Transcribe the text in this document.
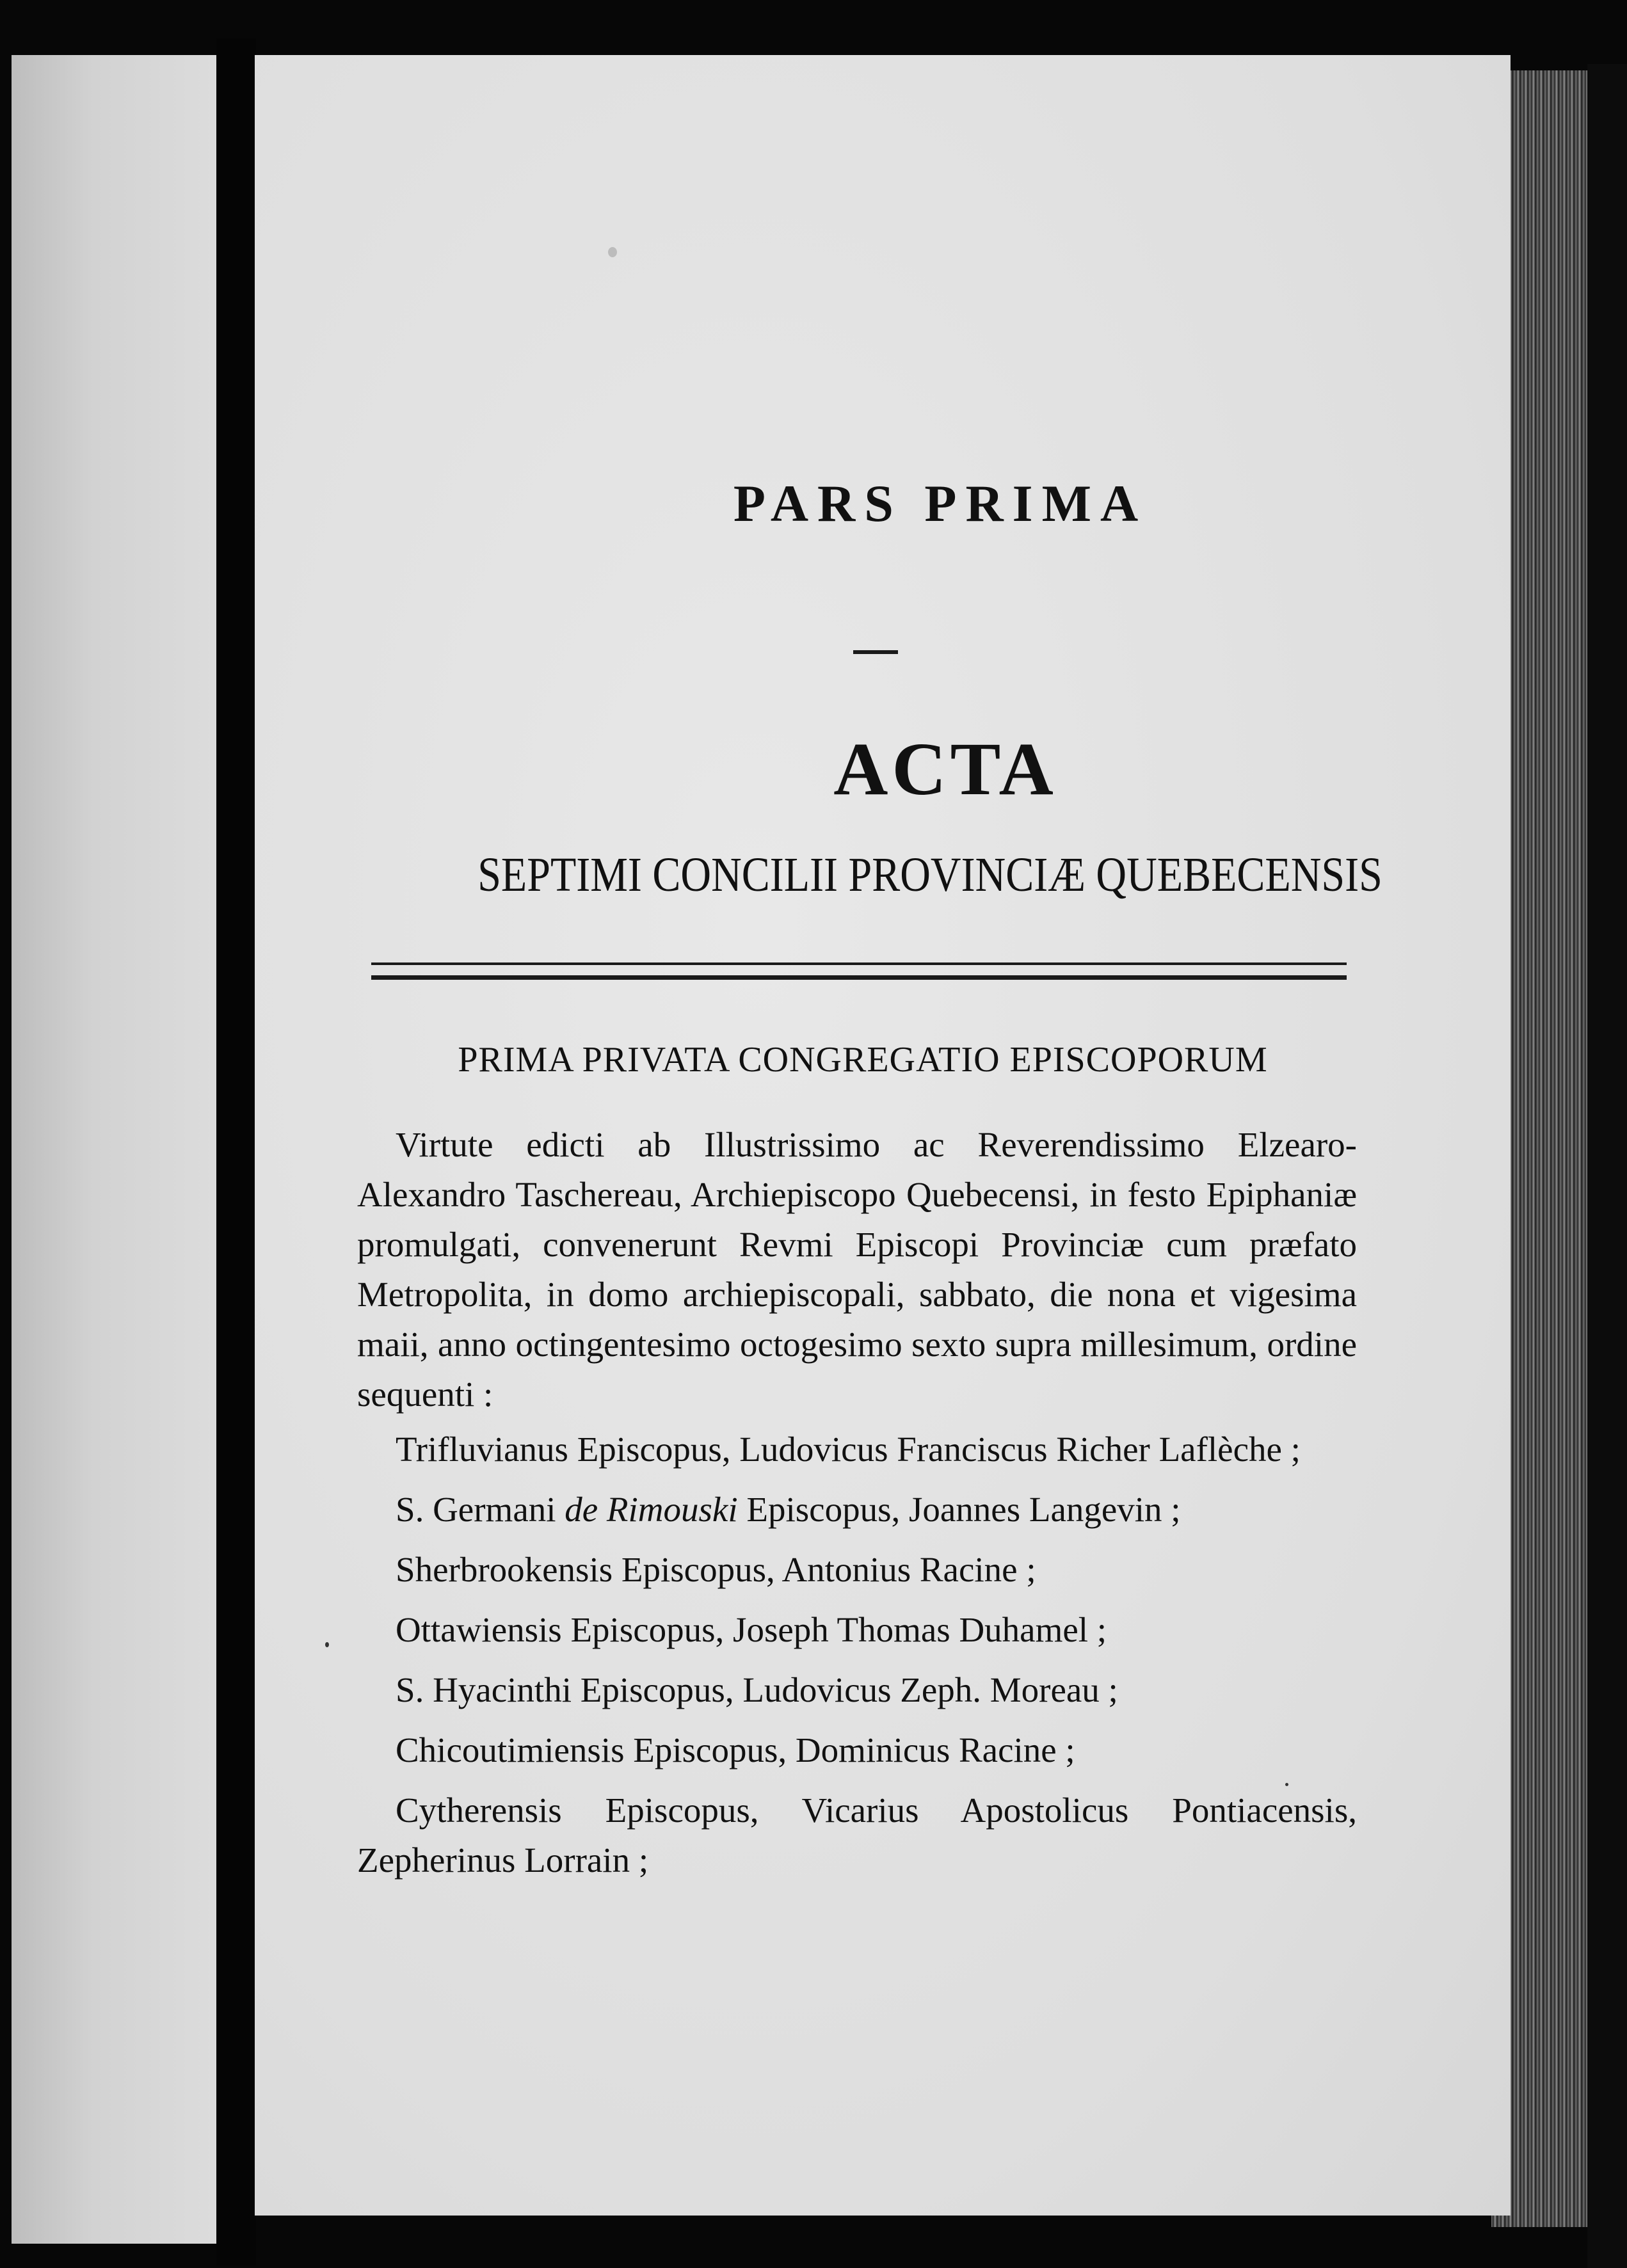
PARS PRIMA
ACTA
SEPTIMI CONCILII PROVINCIÆ QUEBECENSIS
PRIMA PRIVATA CONGREGATIO EPISCOPORUM

Virtute edicti ab Illustrissimo ac Reverendissimo Elzearo-Alexandro Taschereau, Archiepiscopo Quebecensi, in festo Epiphaniæ promulgati, convenerunt Revmi Episcopi Provinciæ cum præfato Metropolita, in domo archiepiscopali, sabbato, die nona et vigesima maii, anno octingentesimo octogesimo sexto supra millesimum, ordine sequenti :

Trifluvianus Episcopus, Ludovicus Franciscus Richer Laflèche ;
S. Germani de Rimouski Episcopus, Joannes Langevin ;
Sherbrookensis Episcopus, Antonius Racine ;
Ottawiensis Episcopus, Joseph Thomas Duhamel ;
S. Hyacinthi Episcopus, Ludovicus Zeph. Moreau ;
Chicoutimiensis Episcopus, Dominicus Racine ;
Cytherensis Episcopus, Vicarius Apostolicus Pontiacensis, Zepherinus Lorrain ;
